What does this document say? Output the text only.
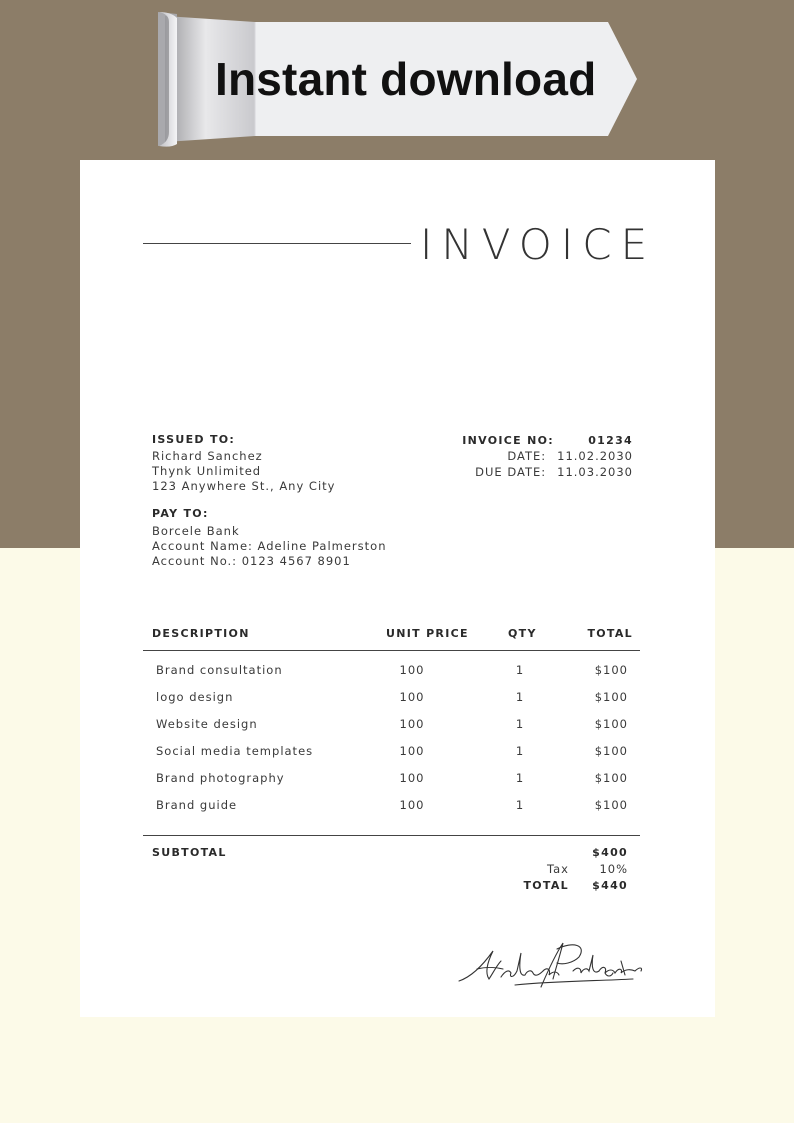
Instant download
INVOICE
ISSUED TO:
Richard Sanchez
Thynk Unlimited
123 Anywhere St., Any City
PAY TO:
Borcele Bank
Account Name: Adeline Palmerston
Account No.: 0123 4567 8901
INVOICE NO:	01234
DATE: 11.02.2030
DUE DATE: 11.03.2030
DESCRIPTION	UNIT PRICE	QTY	TOTAL
Brand consultation	100	1	$100
logo design	100	1	$100
Website design	100	1	$100
Social media templates	100	1	$100
Brand photography	100	1	$100
Brand guide	100	1	$100
SUBTOTAL	$400
Tax	10%
TOTAL $440
